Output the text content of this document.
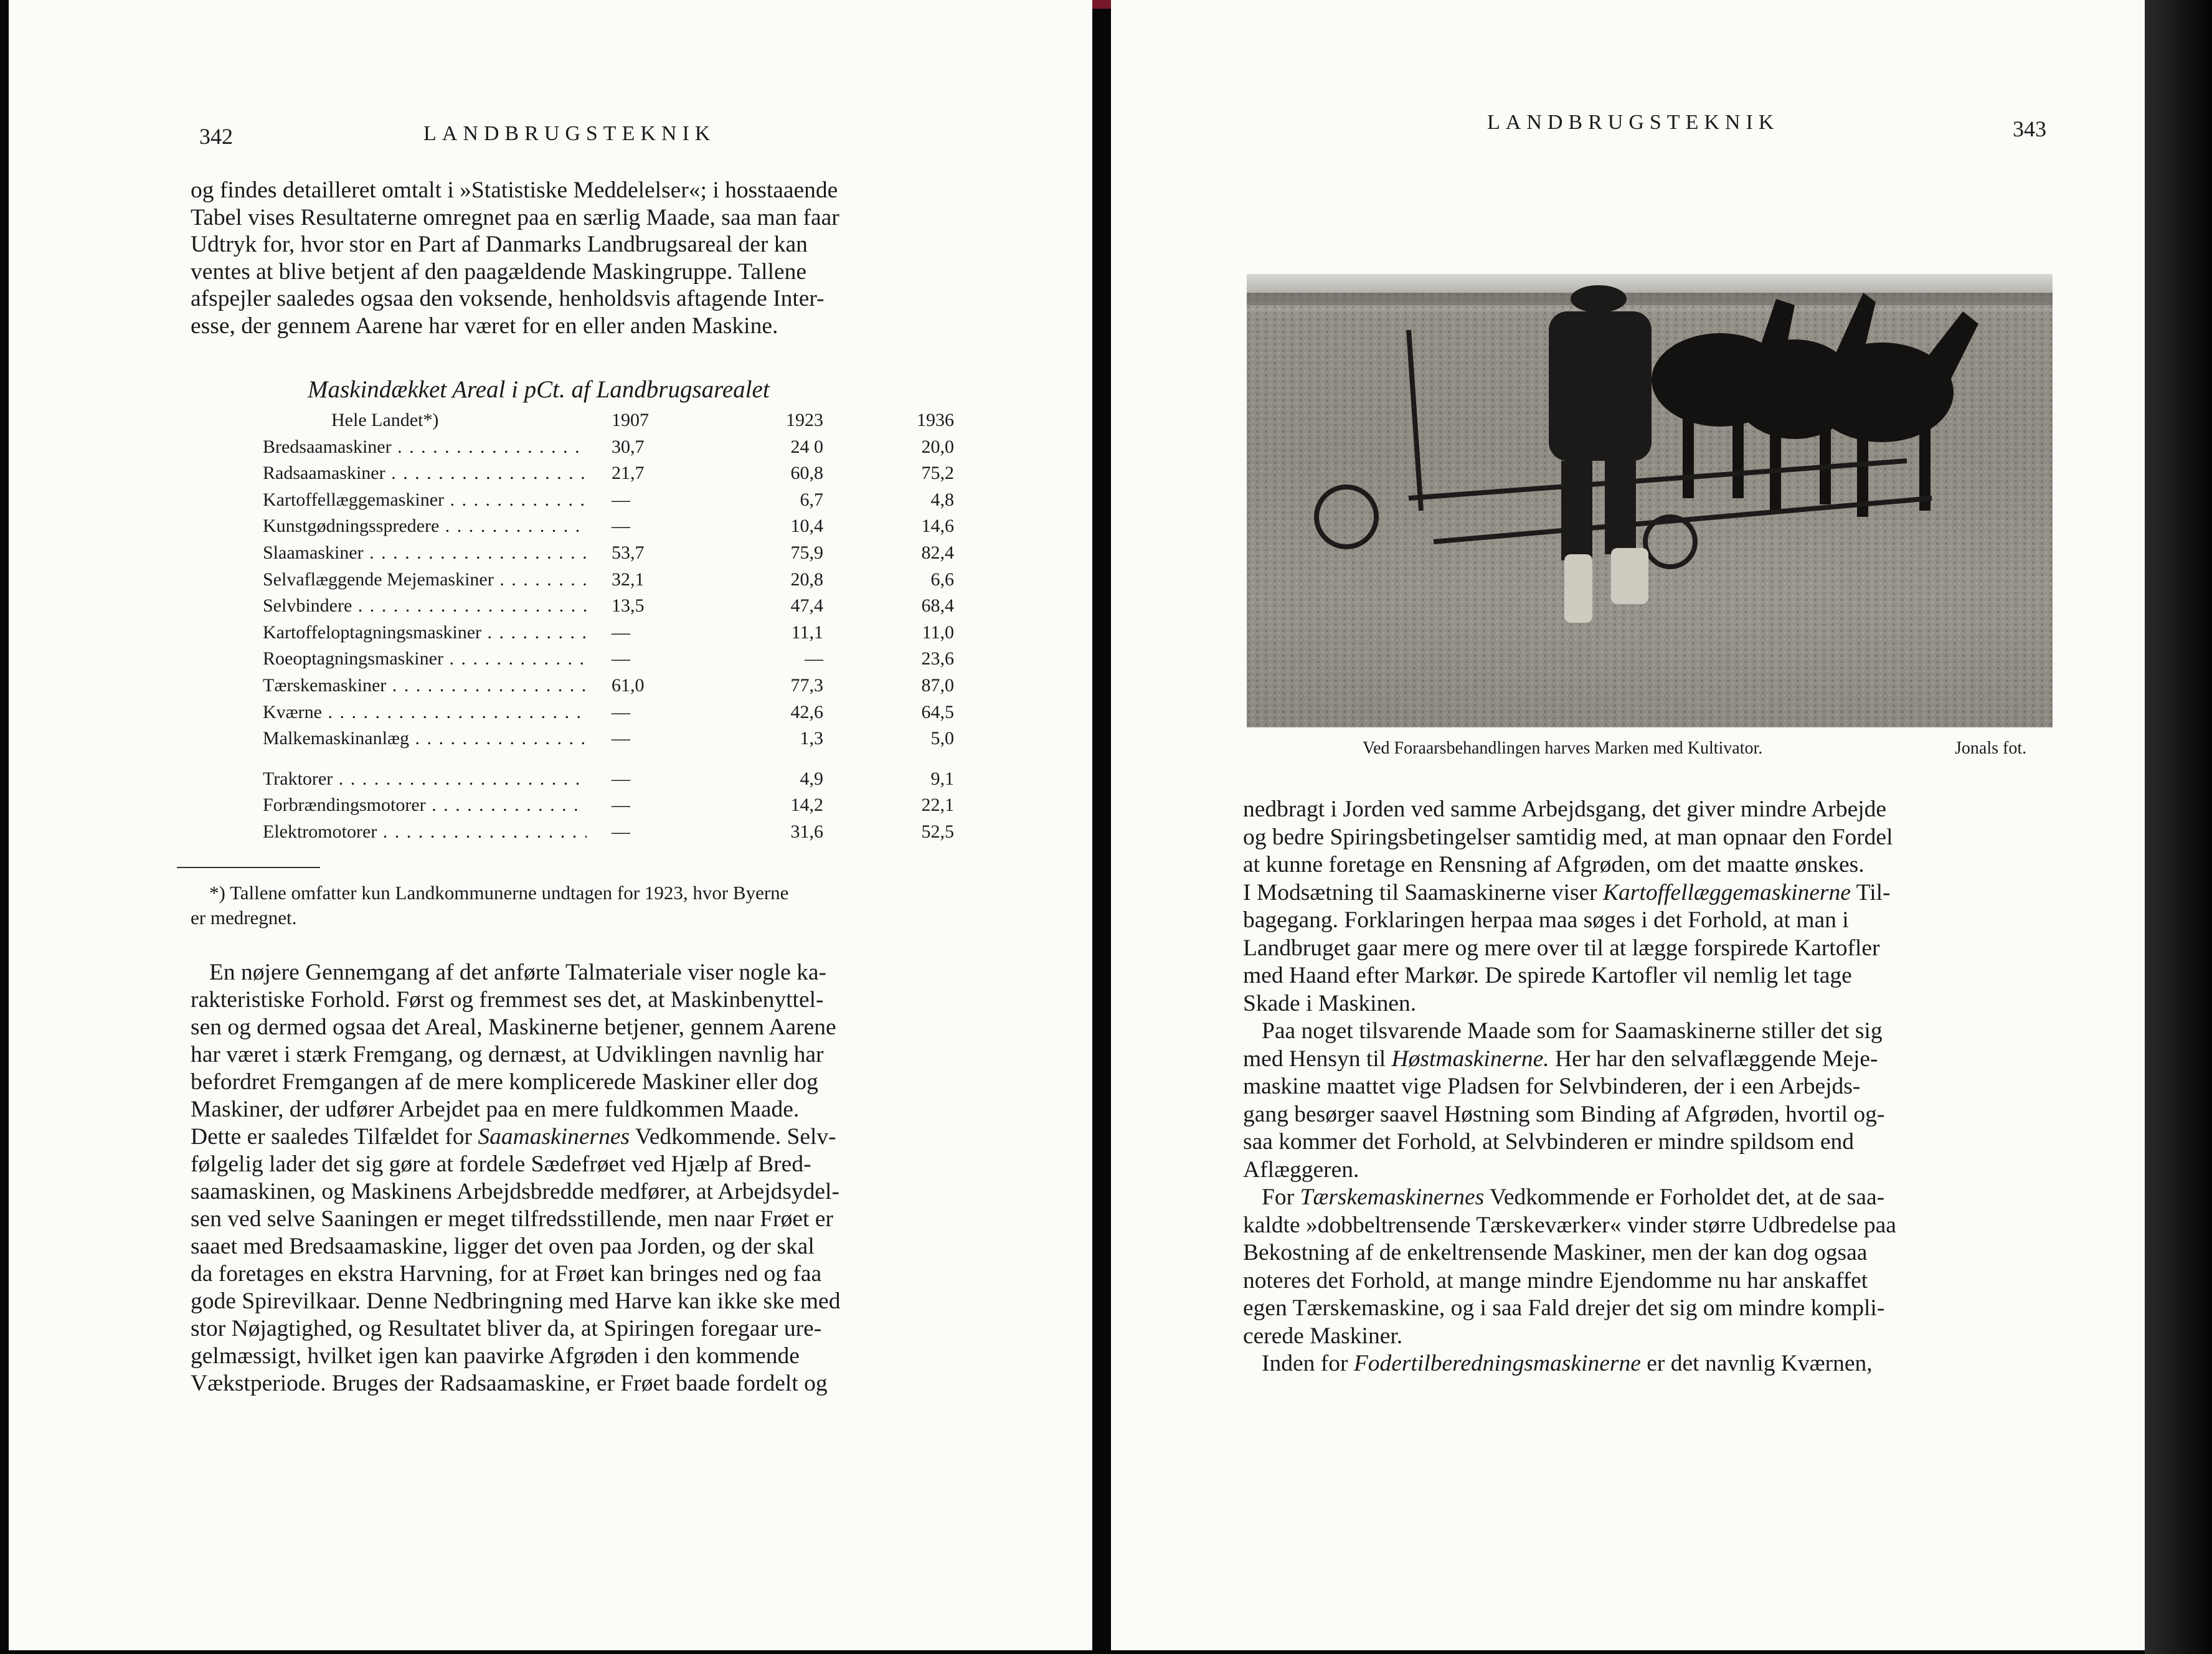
342	LANDBRUGSTEKNIK
og findes detailleret omtalt i »Statistiske Meddelelser«; i hosstaaende
Tabel vises Resultaterne omregnet paa en særlig Maade, saa man faar
Udtryk for, hvor stor en Part af Danmarks Landbrugsareal der kan
ventes at blive betjent af den paagældende Maskingruppe. Tallene
afspejler saaledes ogsaa den voksende, henholdsvis aftagende Inter-
esse, der gennem Aarene har været for en eller anden Maskine.
Maskindækket Areal i pCt. af Landbrugsarealet
Hele Landet*)	1907	1923	1936
Bredsaamaskiner . . .	30,7	24 0	20,0
Radsaamaskiner . . .	21,7	60,8	75,2
Kartoffellæggemaskiner . . .	—	6,7	4,8
Kunstgødningsspredere . . .	—	10,4	14,6
Slaamaskiner . . .	53,7	75,9	82,4
Selvaflæggende Mejemaskiner . . .	32,1	20,8	6,6
Selvbindere . . .	13,5	47,4	68,4
Kartoffeloptagningsmaskiner . . .	—	11,1	11,0
Roeoptagningsmaskiner . . .	—	—	23,6
Tærskemaskiner . . .	61,0	77,3	87,0
Kværne . . .	—	42,6	64,5
Malkemaskinanlæg . . .	—	1,3	5,0
Traktorer . . .	—	4,9	9,1
Forbrændingsmotorer . . .	—	14,2	22,1
Elektromotorer . . .	—	31,6	52,5
*) Tallene omfatter kun Landkommunerne undtagen for 1923, hvor Byerne
er medregnet.
En nøjere Gennemgang af det anførte Talmateriale viser nogle ka-
rakteristiske Forhold. Først og fremmest ses det, at Maskinbenyttel-
sen og dermed ogsaa det Areal, Maskinerne betjener, gennem Aarene
har været i stærk Fremgang, og dernæst, at Udviklingen navnlig har
befordret Fremgangen af de mere komplicerede Maskiner eller dog
Maskiner, der udfører Arbejdet paa en mere fuldkommen Maade.
Dette er saaledes Tilfældet for Saamaskinernes Vedkommende. Selv-
følgelig lader det sig gøre at fordele Sædefrøet ved Hjælp af Bred-
saamaskinen, og Maskinens Arbejdsbredde medfører, at Arbejdsydel-
sen ved selve Saaningen er meget tilfredsstillende, men naar Frøet er
saaet med Bredsaamaskine, ligger det oven paa Jorden, og der skal
da foretages en ekstra Harvning, for at Frøet kan bringes ned og faa
gode Spirevilkaar. Denne Nedbringning med Harve kan ikke ske med
stor Nøjagtighed, og Resultatet bliver da, at Spiringen foregaar ure-
gelmæssigt, hvilket igen kan paavirke Afgrøden i den kommende
Vækstperiode. Bruges der Radsaamaskine, er Frøet baade fordelt og
LANDBRUGSTEKNIK	343
Ved Foraarsbehandlingen harves Marken med Kultivator.	Jonals fot.
nedbragt i Jorden ved samme Arbejdsgang, det giver mindre Arbejde
og bedre Spiringsbetingelser samtidig med, at man opnaar den Fordel
at kunne foretage en Rensning af Afgrøden, om det maatte ønskes.
I Modsætning til Saamaskinerne viser Kartoffellæggemaskinerne Til-
bagegang. Forklaringen herpaa maa søges i det Forhold, at man i
Landbruget gaar mere og mere over til at lægge forspirede Kartofler
med Haand efter Markør. De spirede Kartofler vil nemlig let tage
Skade i Maskinen.
Paa noget tilsvarende Maade som for Saamaskinerne stiller det sig
med Hensyn til Høstmaskinerne. Her har den selvaflæggende Meje-
maskine maattet vige Pladsen for Selvbinderen, der i een Arbejds-
gang besørger saavel Høstning som Binding af Afgrøden, hvortil og-
saa kommer det Forhold, at Selvbinderen er mindre spildsom end
Aflæggeren.
For Tærskemaskinernes Vedkommende er Forholdet det, at de saa-
kaldte »dobbeltrensende Tærskeværker« vinder større Udbredelse paa
Bekostning af de enkeltrensende Maskiner, men der kan dog ogsaa
noteres det Forhold, at mange mindre Ejendomme nu har anskaffet
egen Tærskemaskine, og i saa Fald drejer det sig om mindre kompli-
cerede Maskiner.
Inden for Fodertilberedningsmaskinerne er det navnlig Kværnen,
